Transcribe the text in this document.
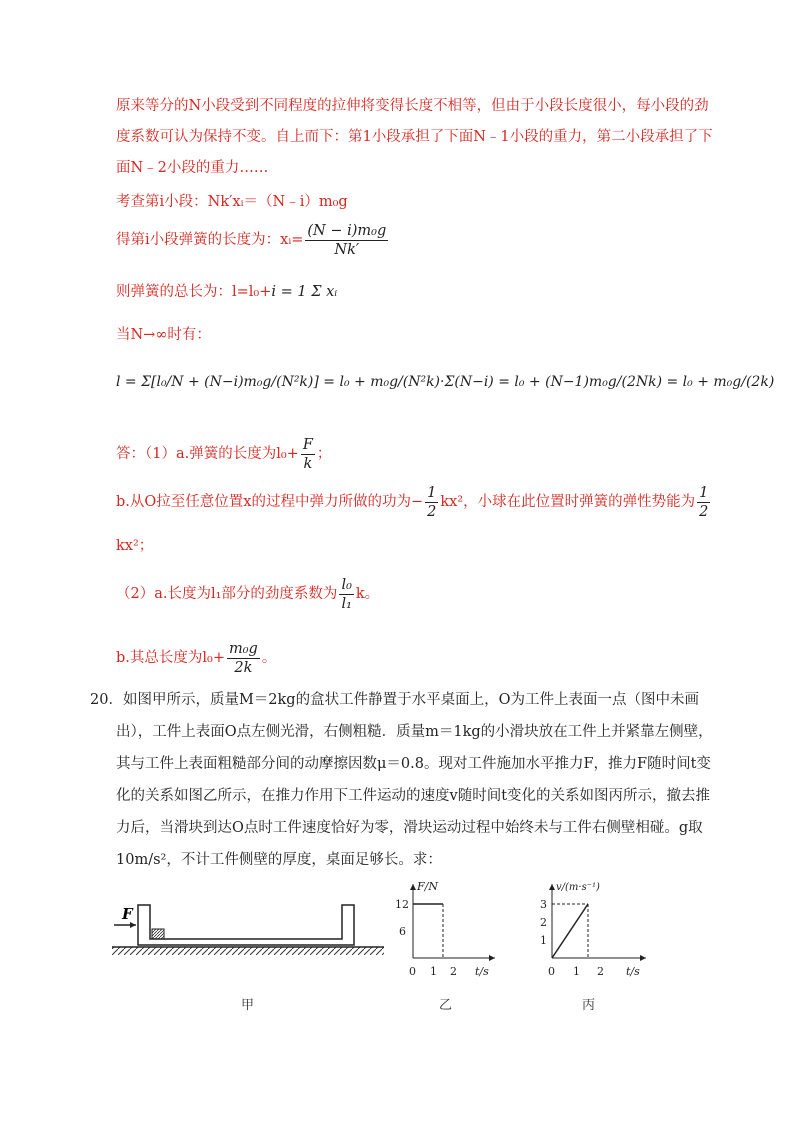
原来等分的N小段受到不同程度的拉伸将变得长度不相等，但由于小段长度很小，每小段的劲
度系数可认为保持不变。自上而下：第1小段承担了下面N﹣1小段的重力，第二小段承担了下
面N﹣2小段的重力……
考查第i小段：Nk′xᵢ＝（N﹣i）m₀g
得第i小段弹簧的长度为：xᵢ= $\frac{\text{(N − i)m₀g}}{Nk'}$
则弹簧的总长为：l=l₀+i = 1 Σ xᵢ
当N→∞时有：
l = Σ[l₀/N + (N−i)m₀g/(N²k)] = l₀ + m₀g/(N²k)·Σ(N−i) = l₀ + (N−1)m₀g/(2Nk) = l₀ + m₀g/(2k)
答：（1）a.弹簧的长度为$l_0+ \frac{F}{k}$ ；
b.从O拉至任意位置x的过程中弹力所做的功为− $\frac{1}{2} kx^2$，小球在此位置时弹簧的弹性势能为 $\frac{1}{2}$
kx²；
（2）a.长度为l₁部分的劲度系数为 $\frac{\text{l₀}}{\text{l₁}}$ k。
b.其总长度为$l_0+ \frac{\text{m₀g}}{2k}$ 。
20．如图甲所示，质量M＝2kg的盒状工件静置于水平桌面上，O为工件上表面一点（图中未画
出），工件上表面O点左侧光滑，右侧粗糙．质量m＝1kg的小滑块放在工件上并紧靠左侧壁，
其与工件上表面粗糙部分间的动摩擦因数μ＝0.8。现对工件施加水平推力F，推力F随时间t变
化的关系如图乙所示，在推力作用下工件运动的速度v随时间t变化的关系如图丙所示，撤去推
力后，当滑块到达O点时工件速度恰好为零，滑块运动过程中始终未与工件右侧壁相碰。g取
10m/s²，不计工件侧壁的厚度，桌面足够长。求：
F
甲
F/N
t/s
12
6
0 1 2
乙
v/(m·s⁻¹)
t/s
3
2
1
0 1 2
丙
